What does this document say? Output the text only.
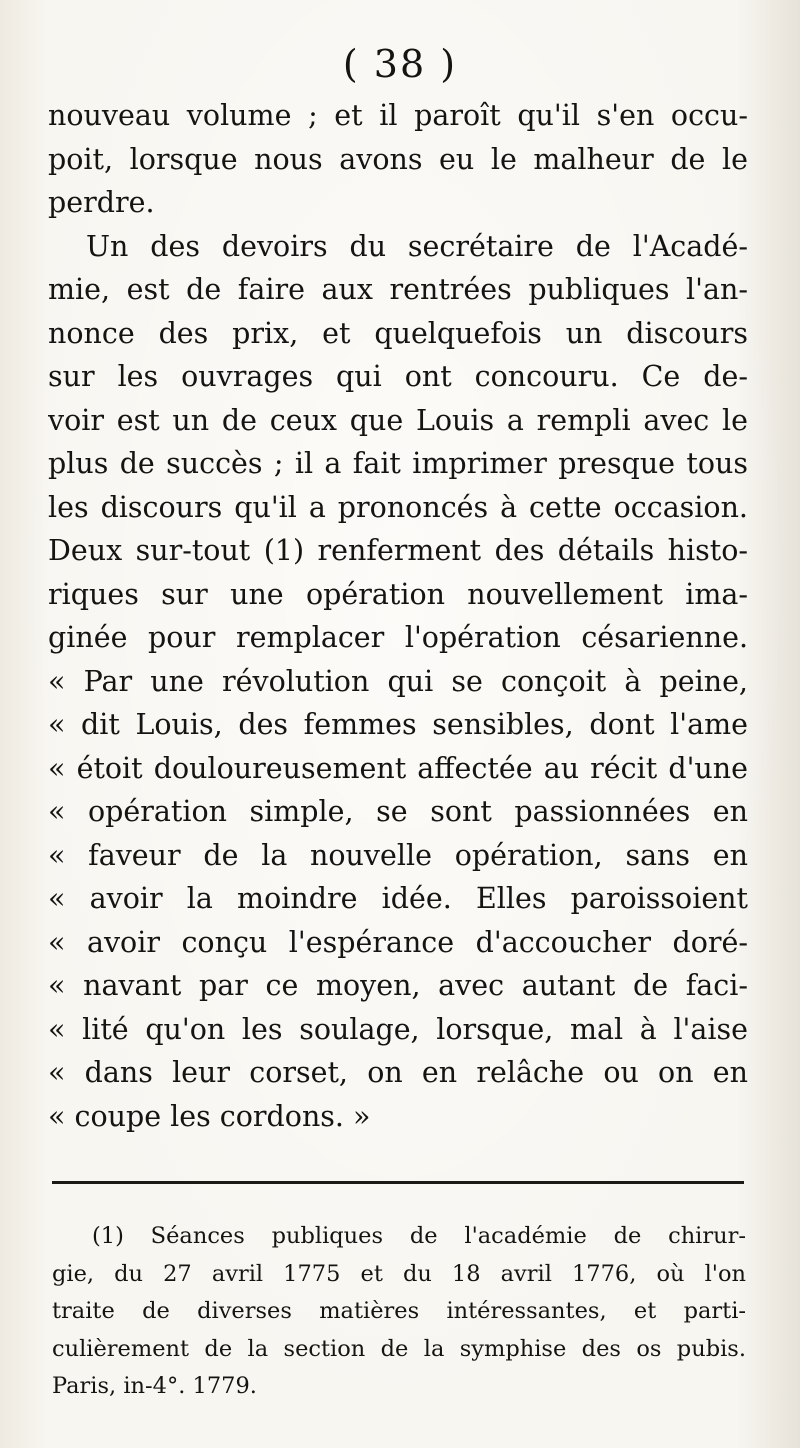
( 38 )
nouveau volume ; et il paroît qu'il s'en occu-
poit, lorsque nous avons eu le malheur de le
perdre.
Un des devoirs du secrétaire de l'Acadé-
mie, est de faire aux rentrées publiques l'an-
nonce des prix, et quelquefois un discours
sur les ouvrages qui ont concouru. Ce de-
voir est un de ceux que Louis a rempli avec le
plus de succès ; il a fait imprimer presque tous
les discours qu'il a prononcés à cette occasion.
Deux sur-tout (1) renferment des détails histo-
riques sur une opération nouvellement ima-
ginée pour remplacer l'opération césarienne.
« Par une révolution qui se conçoit à peine,
« dit Louis, des femmes sensibles, dont l'ame
« étoit douloureusement affectée au récit d'une
« opération simple, se sont passionnées en
« faveur de la nouvelle opération, sans en
« avoir la moindre idée. Elles paroissoient
« avoir conçu l'espérance d'accoucher doré-
« navant par ce moyen, avec autant de faci-
« lité qu'on les soulage, lorsque, mal à l'aise
« dans leur corset, on en relâche ou on en
« coupe les cordons. »
(1) Séances publiques de l'académie de chirur-
gie, du 27 avril 1775 et du 18 avril 1776, où l'on
traite de diverses matières intéressantes, et parti-
culièrement de la section de la symphise des os pubis.
Paris, in-4°. 1779.
